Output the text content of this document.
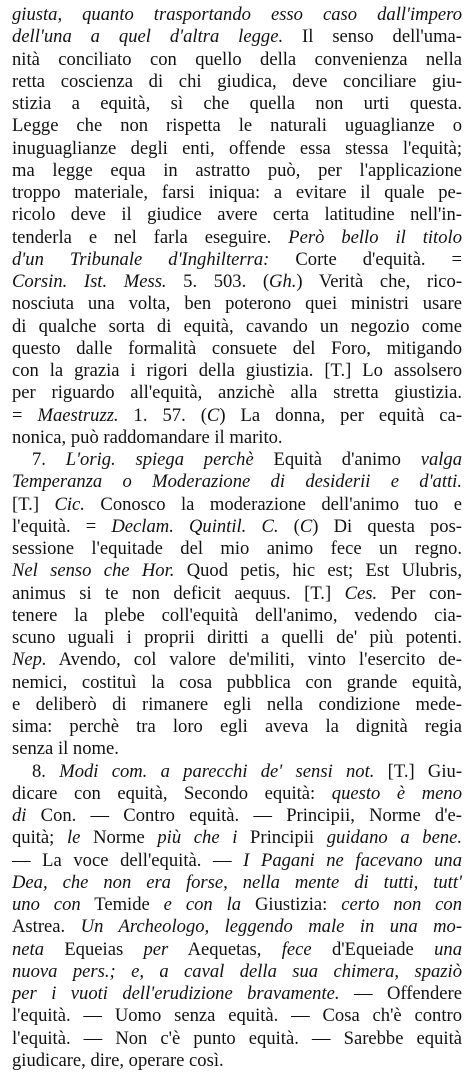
giusta, quanto trasportando esso caso dall'impero
dell'una a quel d'altra legge. Il senso dell'uma-
nità conciliato con quello della convenienza nella
retta coscienza di chi giudica, deve conciliare giu-
stizia a equità, sì che quella non urti questa.
Legge che non rispetta le naturali uguaglianze o
inuguaglianze degli enti, offende essa stessa l'equità;
ma legge equa in astratto può, per l'applicazione
troppo materiale, farsi iniqua: a evitare il quale pe-
ricolo deve il giudice avere certa latitudine nell'in-
tenderla e nel farla eseguire. Però bello il titolo
d'un Tribunale d'Inghilterra: Corte d'equità. =
Corsin. Ist. Mess. 5. 503. (Gh.) Verità che, rico-
nosciuta una volta, ben poterono quei ministri usare
di qualche sorta di equità, cavando un negozio come
questo dalle formalità consuete del Foro, mitigando
con la grazia i rigori della giustizia. [T.] Lo assolsero
per riguardo all'equità, anzichè alla stretta giustizia.
= Maestruzz. 1. 57. (C) La donna, per equità ca-
nonica, può raddomandare il marito.
7. L'orig. spiega perchè Equità d'animo valga
Temperanza o Moderazione di desiderii e d'atti.
[T.] Cic. Conosco la moderazione dell'animo tuo e
l'equità. = Declam. Quintil. C. (C) Di questa pos-
sessione l'equitade del mio animo fece un regno.
Nel senso che Hor. Quod petis, hic est; Est Ulubris,
animus si te non deficit aequus. [T.] Ces. Per con-
tenere la plebe coll'equità dell'animo, vedendo cia-
scuno uguali i proprii diritti a quelli de' più potenti.
Nep. Avendo, col valore de'militi, vinto l'esercito de-
nemici, costituì la cosa pubblica con grande equità,
e deliberò di rimanere egli nella condizione mede-
sima: perchè tra loro egli aveva la dignità regia
senza il nome.
8. Modi com. a parecchi de' sensi not. [T.] Giu-
dicare con equità, Secondo equità: questo è meno
di Con. — Contro equità. — Principii, Norme d'e-
quità; le Norme più che i Principii guidano a bene.
— La voce dell'equità. — I Pagani ne facevano una
Dea, che non era forse, nella mente di tutti, tutt'
uno con Temide e con la Giustizia: certo non con
Astrea. Un Archeologo, leggendo male in una mo-
neta Equeias per Aequetas, fece d'Equeiade una
nuova pers.; e, a caval della sua chimera, spaziò
per i vuoti dell'erudizione bravamente. — Offendere
l'equità. — Uomo senza equità. — Cosa ch'è contro
l'equità. — Non c'è punto equità. — Sarebbe equità
giudicare, dire, operare così.
